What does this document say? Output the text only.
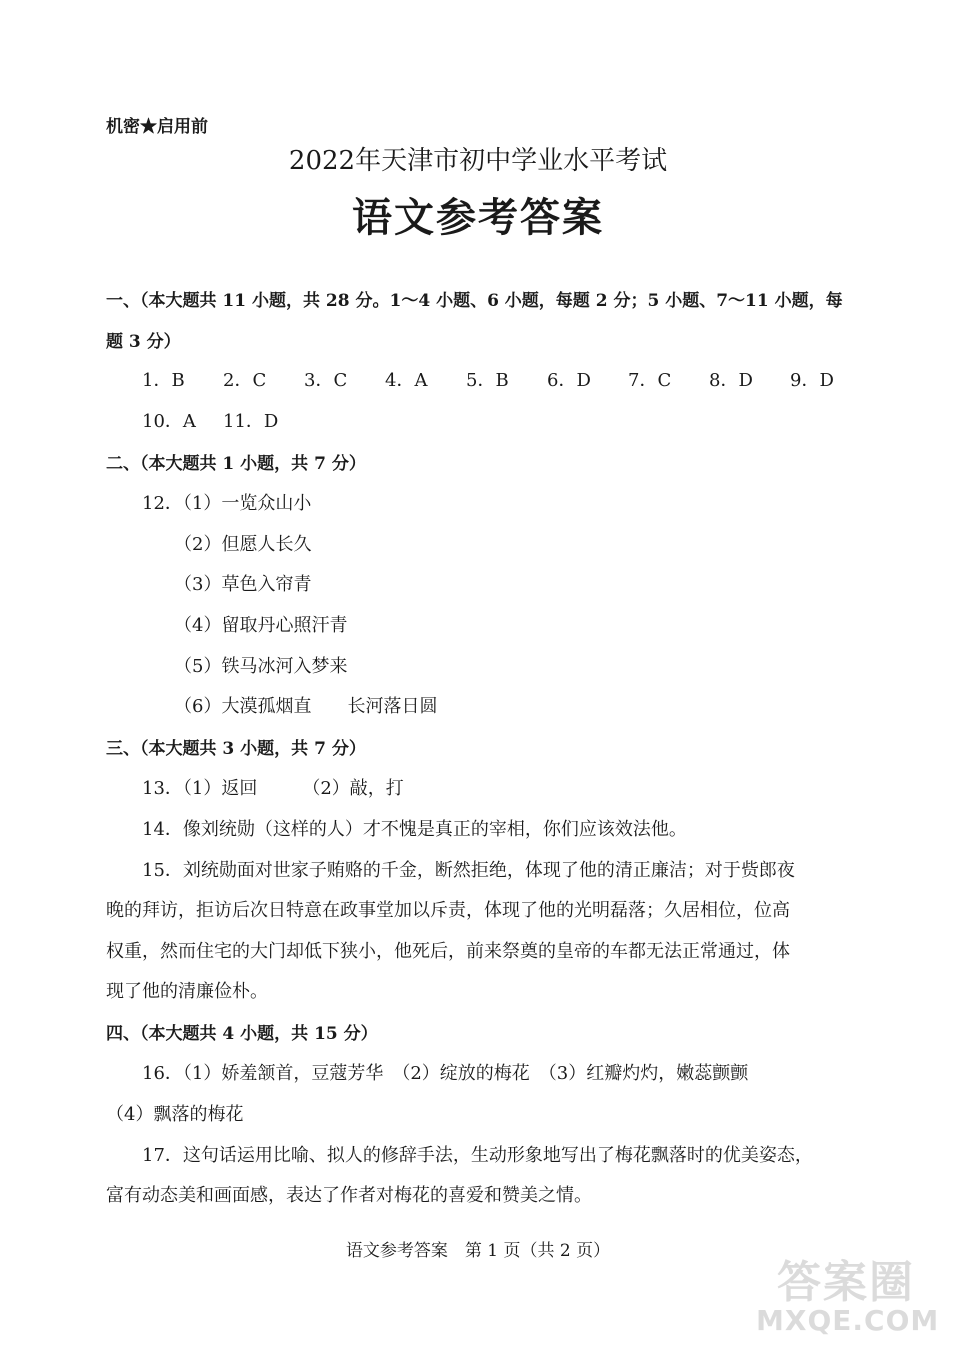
机密★启用前
2022年天津市初中学业水平考试
语文参考答案
一、（本大题共 11 小题，共 28 分。1～4 小题、6 小题，每题 2 分；5 小题、7～11 小题，每
题 3 分）
1．B	2．C	3．C	4．A	5．B	6．D	7．C	8．D	9．D
10．A	11．D
二、（本大题共 1 小题，共 7 分）
12．（1）一览众山小
（2）但愿人长久
（3）草色入帘青
（4）留取丹心照汗青
（5）铁马冰河入梦来
（6）大漠孤烟直　　长河落日圆
三、（本大题共 3 小题，共 7 分）
13．（1）返回　　　（2）敲，打
14．像刘统勋（这样的人）才不愧是真正的宰相，你们应该效法他。
15．刘统勋面对世家子贿赂的千金，断然拒绝，体现了他的清正廉洁；对于赀郎夜
晚的拜访，拒访后次日特意在政事堂加以斥责，体现了他的光明磊落；久居相位，位高
权重，然而住宅的大门却低下狭小，他死后，前来祭奠的皇帝的车都无法正常通过，体
现了他的清廉俭朴。
四、（本大题共 4 小题，共 15 分）
16．（1）娇羞颔首，豆蔻芳华　（2）绽放的梅花　（3）红瓣灼灼，嫩蕊颤颤
（4）飘落的梅花
17．这句话运用比喻、拟人的修辞手法，生动形象地写出了梅花飘落时的优美姿态，
富有动态美和画面感，表达了作者对梅花的喜爱和赞美之情。
语文参考答案　第 1 页（共 2 页）
答案圈
MXQE.COM
